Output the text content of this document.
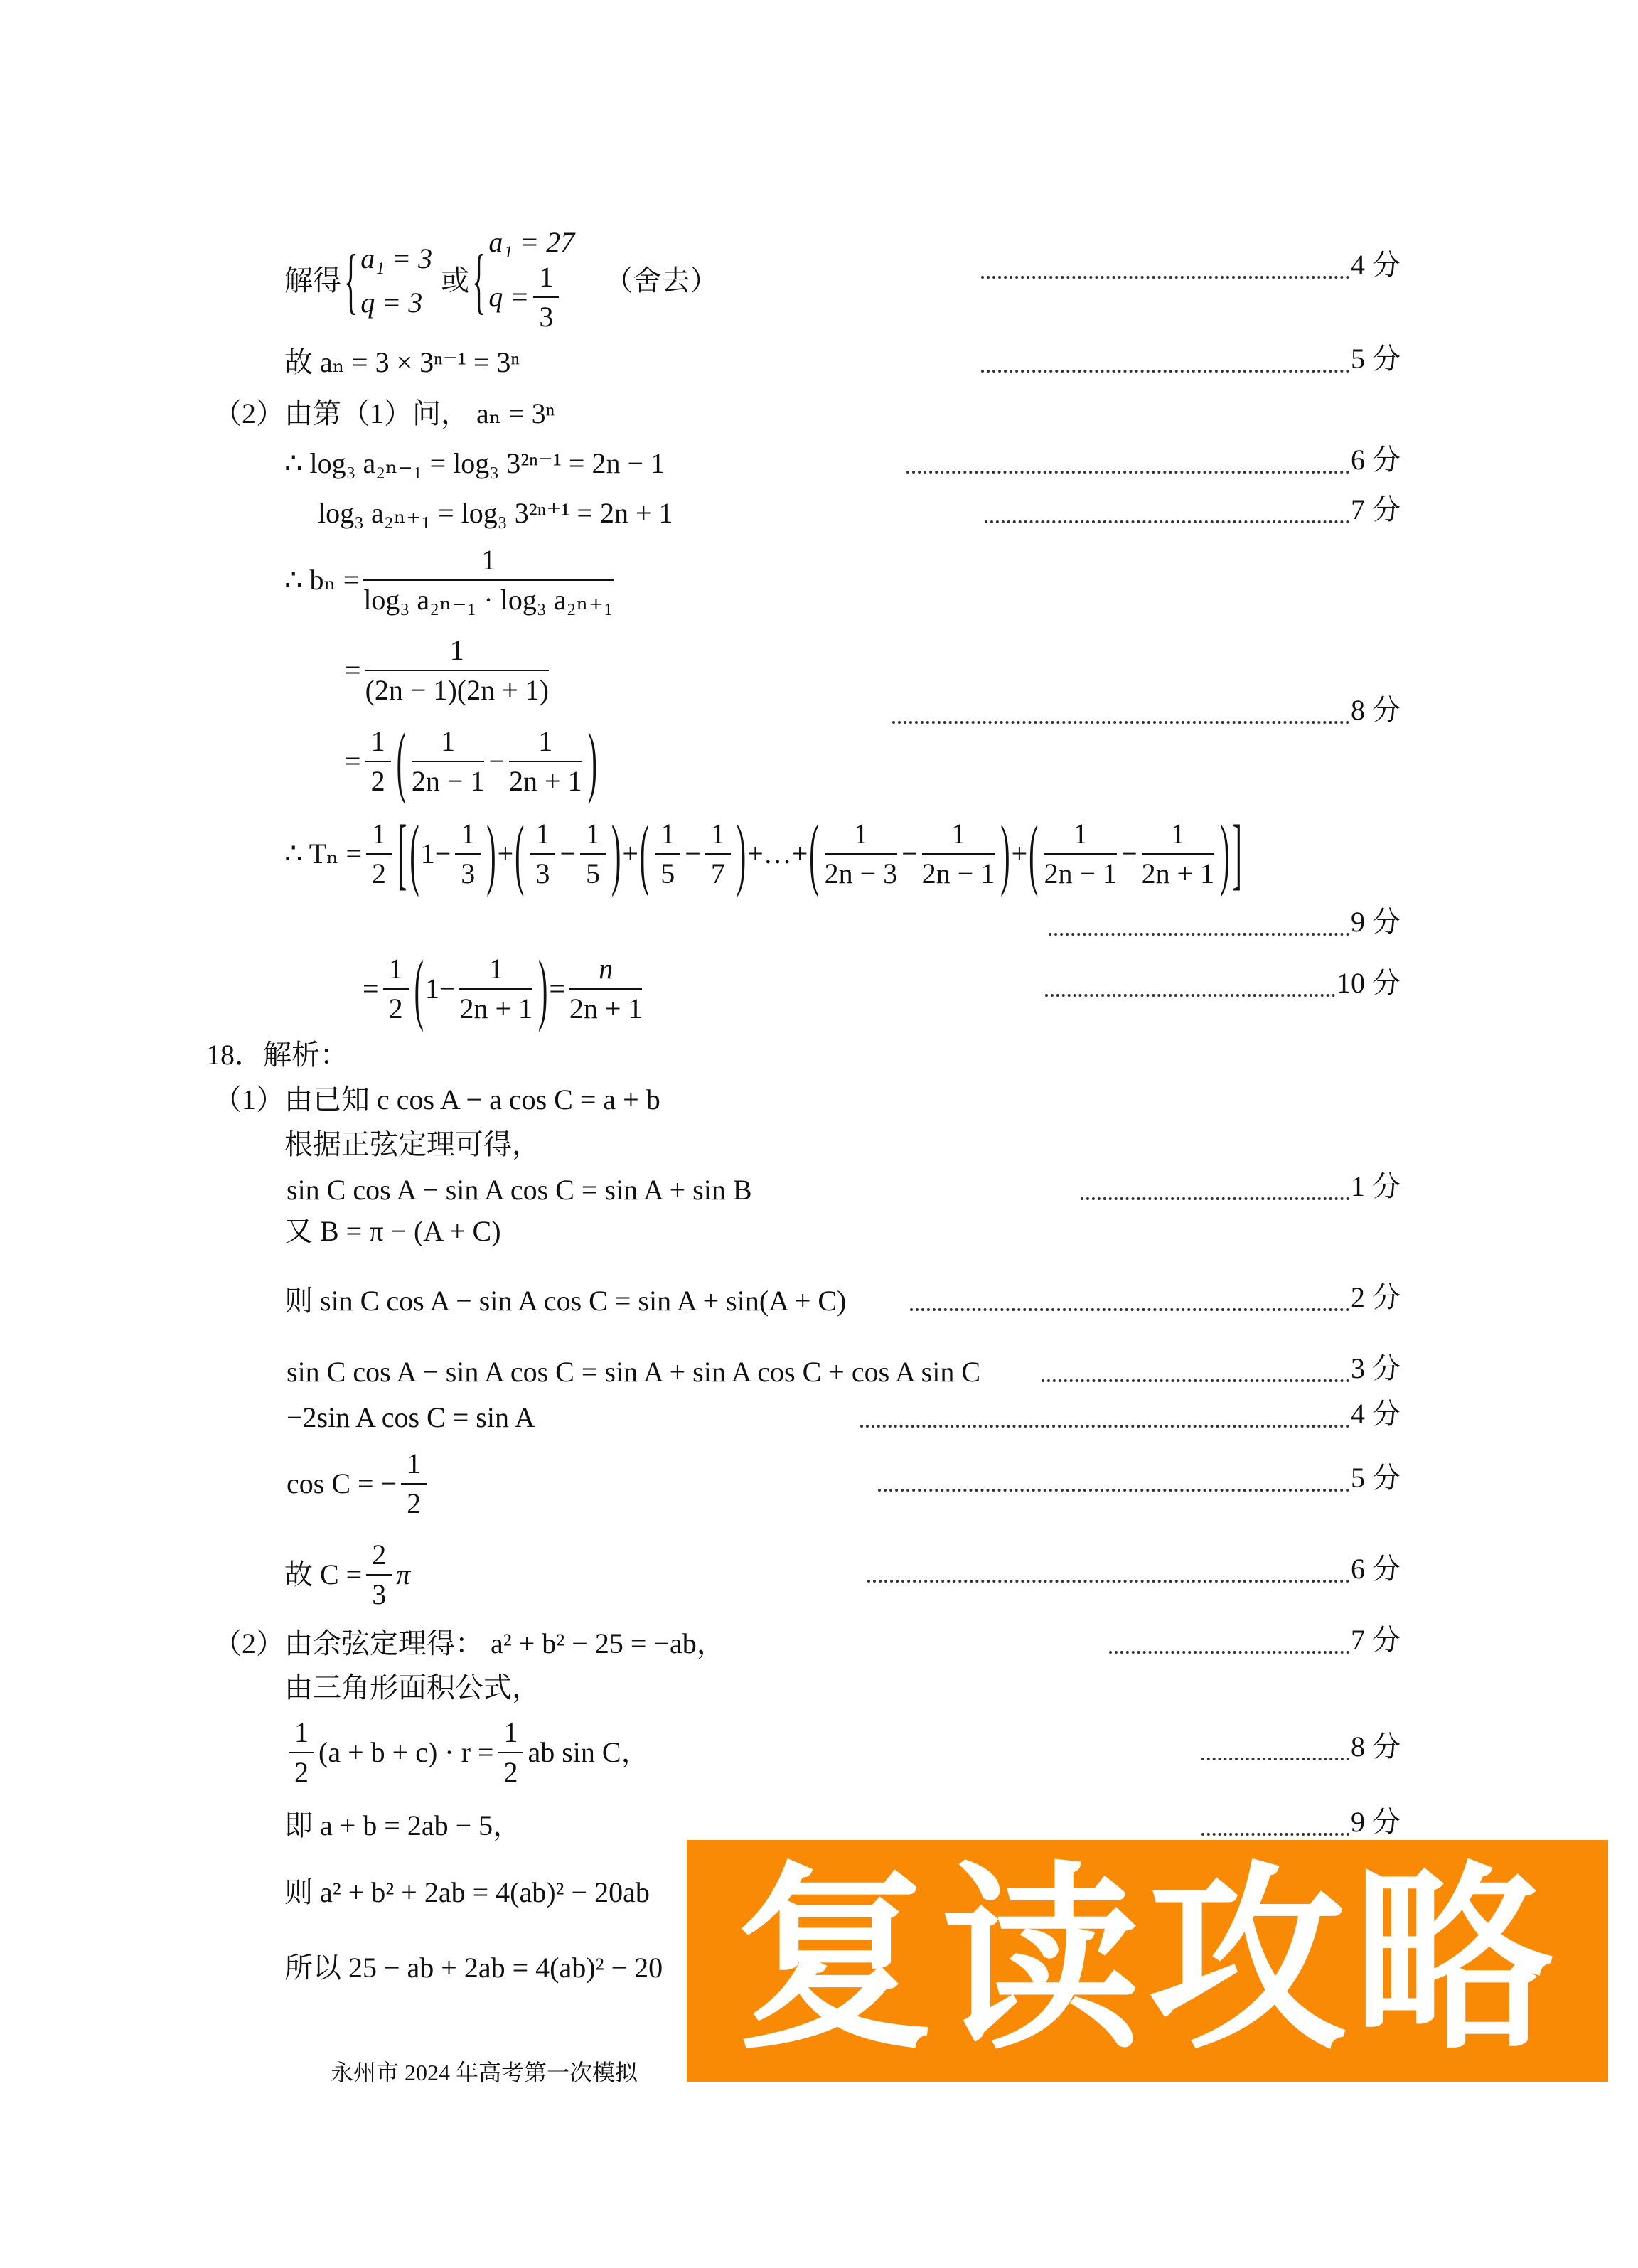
解得 { a₁ = 3
q = 3
或 { a₁ = 27
$q = \frac{1}{3}$ （舍去）	4 分
故 aₙ = 3 × 3ⁿ⁻¹ = 3ⁿ	5 分
（2）由第（1）问， aₙ = 3ⁿ
∴ log₃ a₂ₙ₋₁ = log₃ 3²ⁿ⁻¹ = 2n − 1	6 分
log₃ a₂ₙ₊₁ = log₃ 3²ⁿ⁺¹ = 2n + 1	7 分
∴ $b_n = \frac{1}{\text{log₃ a₂ₙ₋₁ · log₃ a₂ₙ₊₁}}$
= $\frac{1}{(2n - 1)(2n + 1)}$
8 分
= $\frac{1}{2}$ ( $\frac{1}{2n - 1} - \frac{1}{2n + 1}$ )
∴ $T_n = \frac{1}{2}$ [ ( $1 - \frac{1}{3}$ ) + ( $\frac{1}{3} - \frac{1}{5}$ ) + ( $\frac{1}{5} - \frac{1}{7}$ ) +…+ ( $\frac{1}{2n - 3} - \frac{1}{2n - 1}$ ) + ( $\frac{1}{2n - 1} - \frac{1}{2n + 1}$ ) ]
9 分
= $\frac{1}{2}$ ( $1 - \frac{1}{2n + 1}$ ) = $\frac{n}{2n + 1}$	10 分
18．解析：
（1）由已知 c cos A − a cos C = a + b
根据正弦定理可得，
sin C cos A − sin A cos C = sin A + sin B	1 分
又 B = π − (A + C)
则 sin C cos A − sin A cos C = sin A + sin(A + C)	2 分
sin C cos A − sin A cos C = sin A + sin A cos C + cos A sin C	3 分
−2sin A cos C = sin A	4 分
cos C = − $\frac{1}{2}$	5 分
故 $C = \frac{2}{3}$ π	6 分
（2）由余弦定理得： a² + b² − 25 = −ab，	7 分
由三角形面积公式，
$\frac{1}{2} (a + b + c) \cdot r = \frac{1}{2}$ ab sin C，	8 分
即 a + b = 2ab − 5，	9 分
则 a² + b² + 2ab = 4(ab)² − 20ab
所以 25 − ab + 2ab = 4(ab)² − 20
永州市 2024 年高考第一次模拟 复读攻略
